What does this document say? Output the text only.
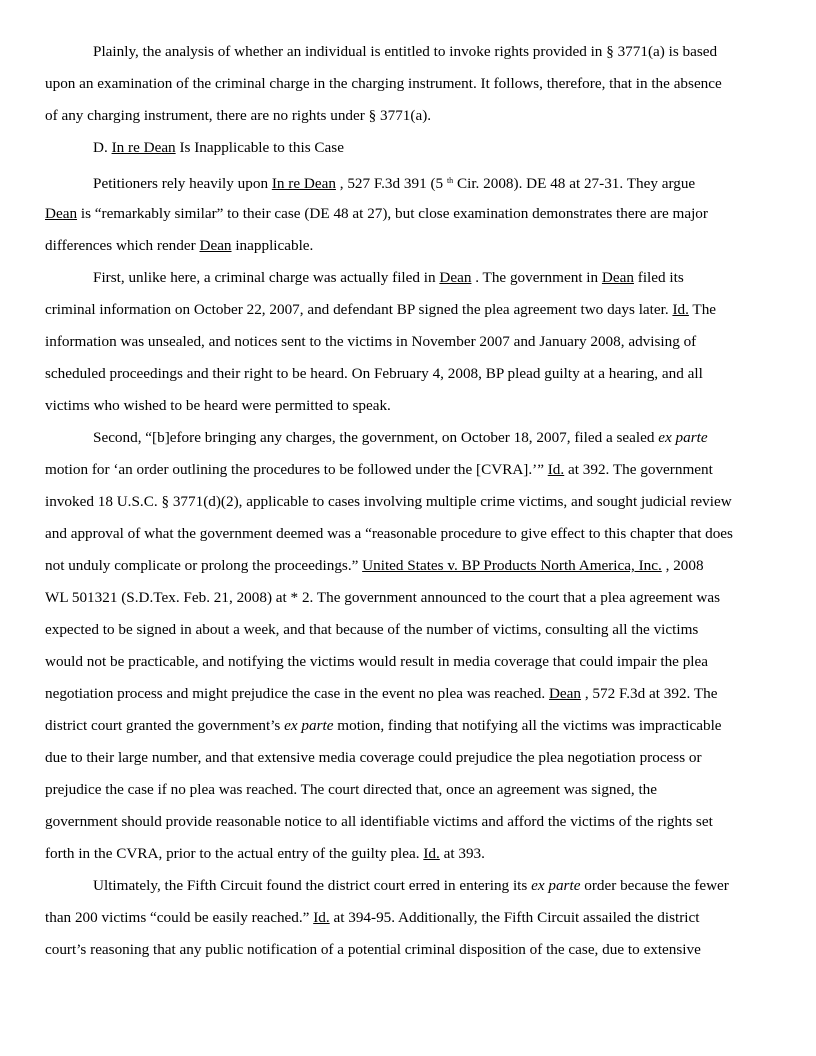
Plainly, the analysis of whether an individual is entitled to invoke rights provided in § 3771(a) is based
upon an examination of the criminal charge in the charging instrument. It follows, therefore, that in the absence
of any charging instrument, there are no rights under § 3771(a).
D. In re Dean Is Inapplicable to this Case
Petitioners rely heavily upon In re Dean , 527 F.3d 391 (5 $^{th}$ Cir. 2008). DE 48 at 27-31. They argue
Dean is “remarkably similar” to their case (DE 48 at 27), but close examination demonstrates there are major
differences which render Dean inapplicable.
First, unlike here, a criminal charge was actually filed in Dean . The government in Dean filed its
criminal information on October 22, 2007, and defendant BP signed the plea agreement two days later. Id. The
information was unsealed, and notices sent to the victims in November 2007 and January 2008, advising of
scheduled proceedings and their right to be heard. On February 4, 2008, BP plead guilty at a hearing, and all
victims who wished to be heard were permitted to speak.
Second, “[b]efore bringing any charges, the government, on October 18, 2007, filed a sealed ex parte
motion for ‘an order outlining the procedures to be followed under the [CVRA].’” Id. at 392. The government
invoked 18 U.S.C. § 3771(d)(2), applicable to cases involving multiple crime victims, and sought judicial review
and approval of what the government deemed was a “reasonable procedure to give effect to this chapter that does
not unduly complicate or prolong the proceedings.” United States v. BP Products North America, Inc. , 2008
WL 501321 (S.D.Tex. Feb. 21, 2008) at * 2. The government announced to the court that a plea agreement was
expected to be signed in about a week, and that because of the number of victims, consulting all the victims
would not be practicable, and notifying the victims would result in media coverage that could impair the plea
negotiation process and might prejudice the case in the event no plea was reached. Dean , 572 F.3d at 392. The
district court granted the government’s ex parte motion, finding that notifying all the victims was impracticable
due to their large number, and that extensive media coverage could prejudice the plea negotiation process or
prejudice the case if no plea was reached. The court directed that, once an agreement was signed, the
government should provide reasonable notice to all identifiable victims and afford the victims of the rights set
forth in the CVRA, prior to the actual entry of the guilty plea. Id. at 393.
Ultimately, the Fifth Circuit found the district court erred in entering its ex parte order because the fewer
than 200 victims “could be easily reached.” Id. at 394-95. Additionally, the Fifth Circuit assailed the district
court’s reasoning that any public notification of a potential criminal disposition of the case, due to extensive
